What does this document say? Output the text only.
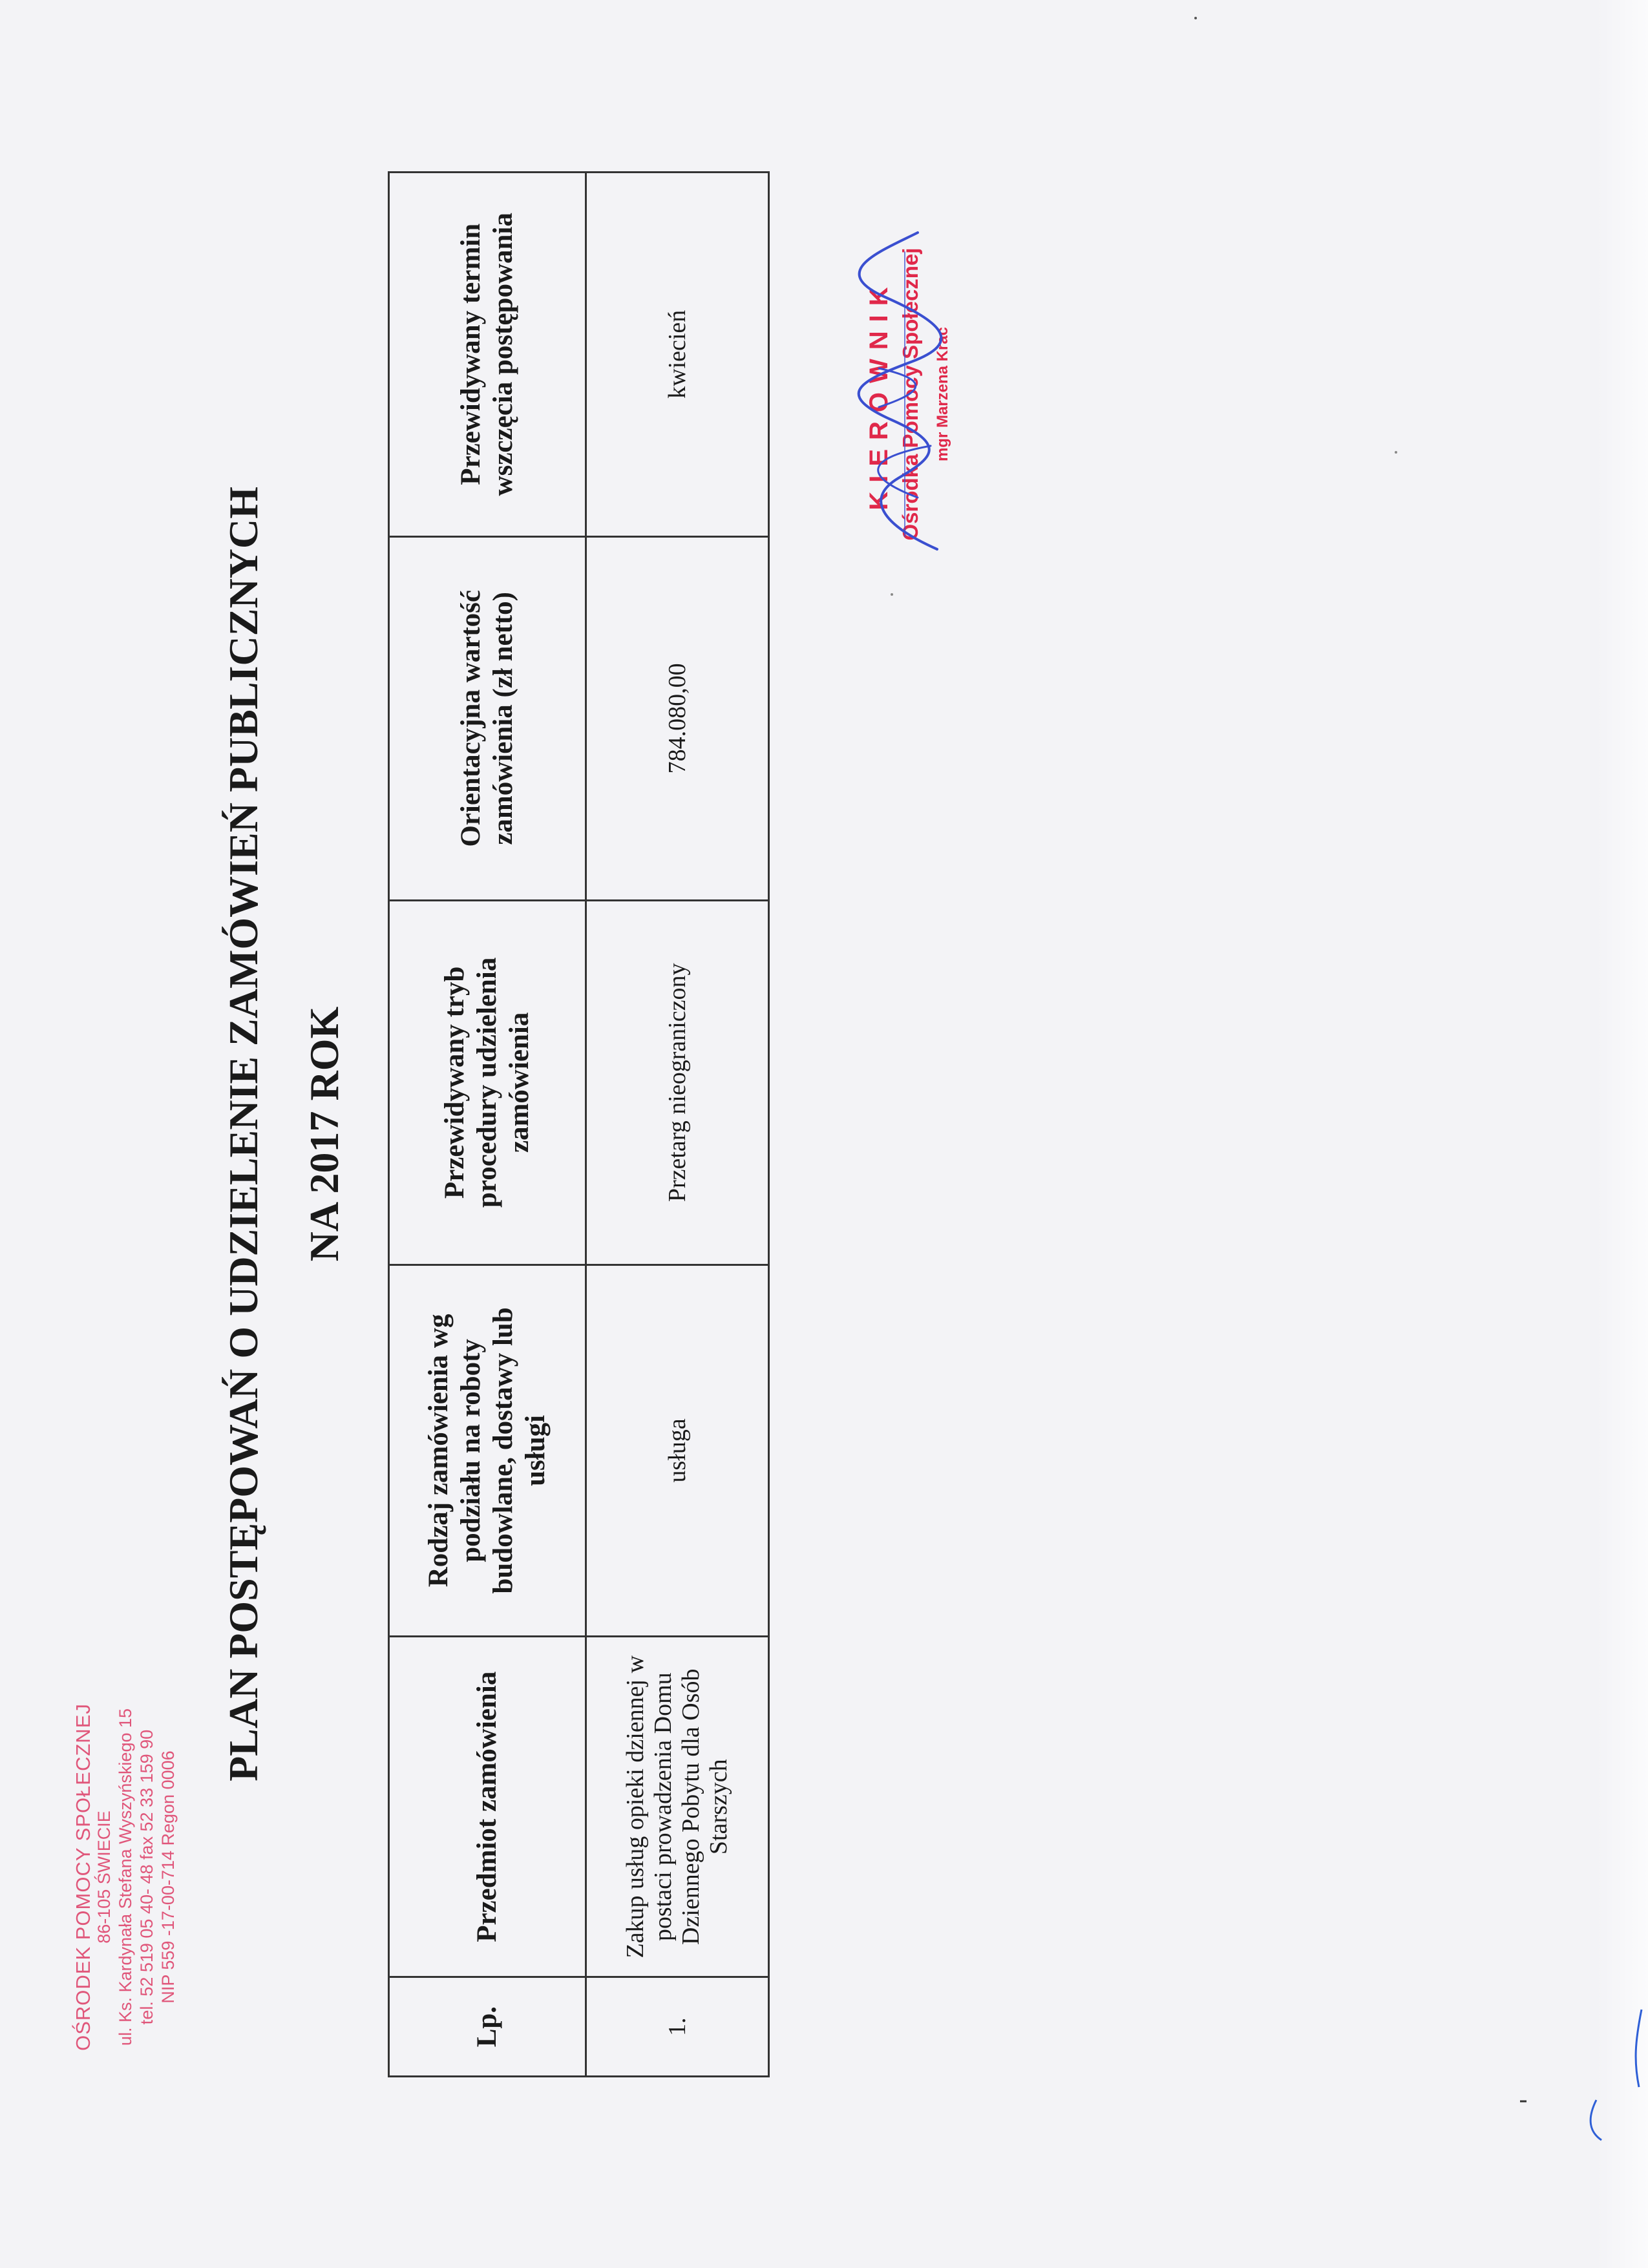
OŚRODEK POMOCY SPOŁECZNEJ 86-105 ŚWIECIE ul. Ks. Kardynała Stefana Wyszyńskiego 15 tel. 52 519 05 40- 48 fax 52 33 159 90 NIP 559 -17-00-714 Regon 0006
PLAN POSTĘPOWAŃ O UDZIELENIE ZAMÓWIEŃ PUBLICZNYCH NA 2017 ROK
Lp.	Przedmiot zamówienia	Rodzaj zamówienia wg podziału na roboty budowlane, dostawy lub usługi	Przewidywany tryb procedury udzielenia zamówienia	Orientacyjna wartość zamówienia (zł netto)	Przewidywany termin wszczęcia postępowania
1.	Zakup usług opieki dziennej w postaci prowadzenia Domu Dziennego Pobytu dla Osób Starszych	usługa	Przetarg nieograniczony	784.080,00	kwiecień	KIEROWNIK Ośrodka Pomocy Społecznej mgr Marzena Krac
